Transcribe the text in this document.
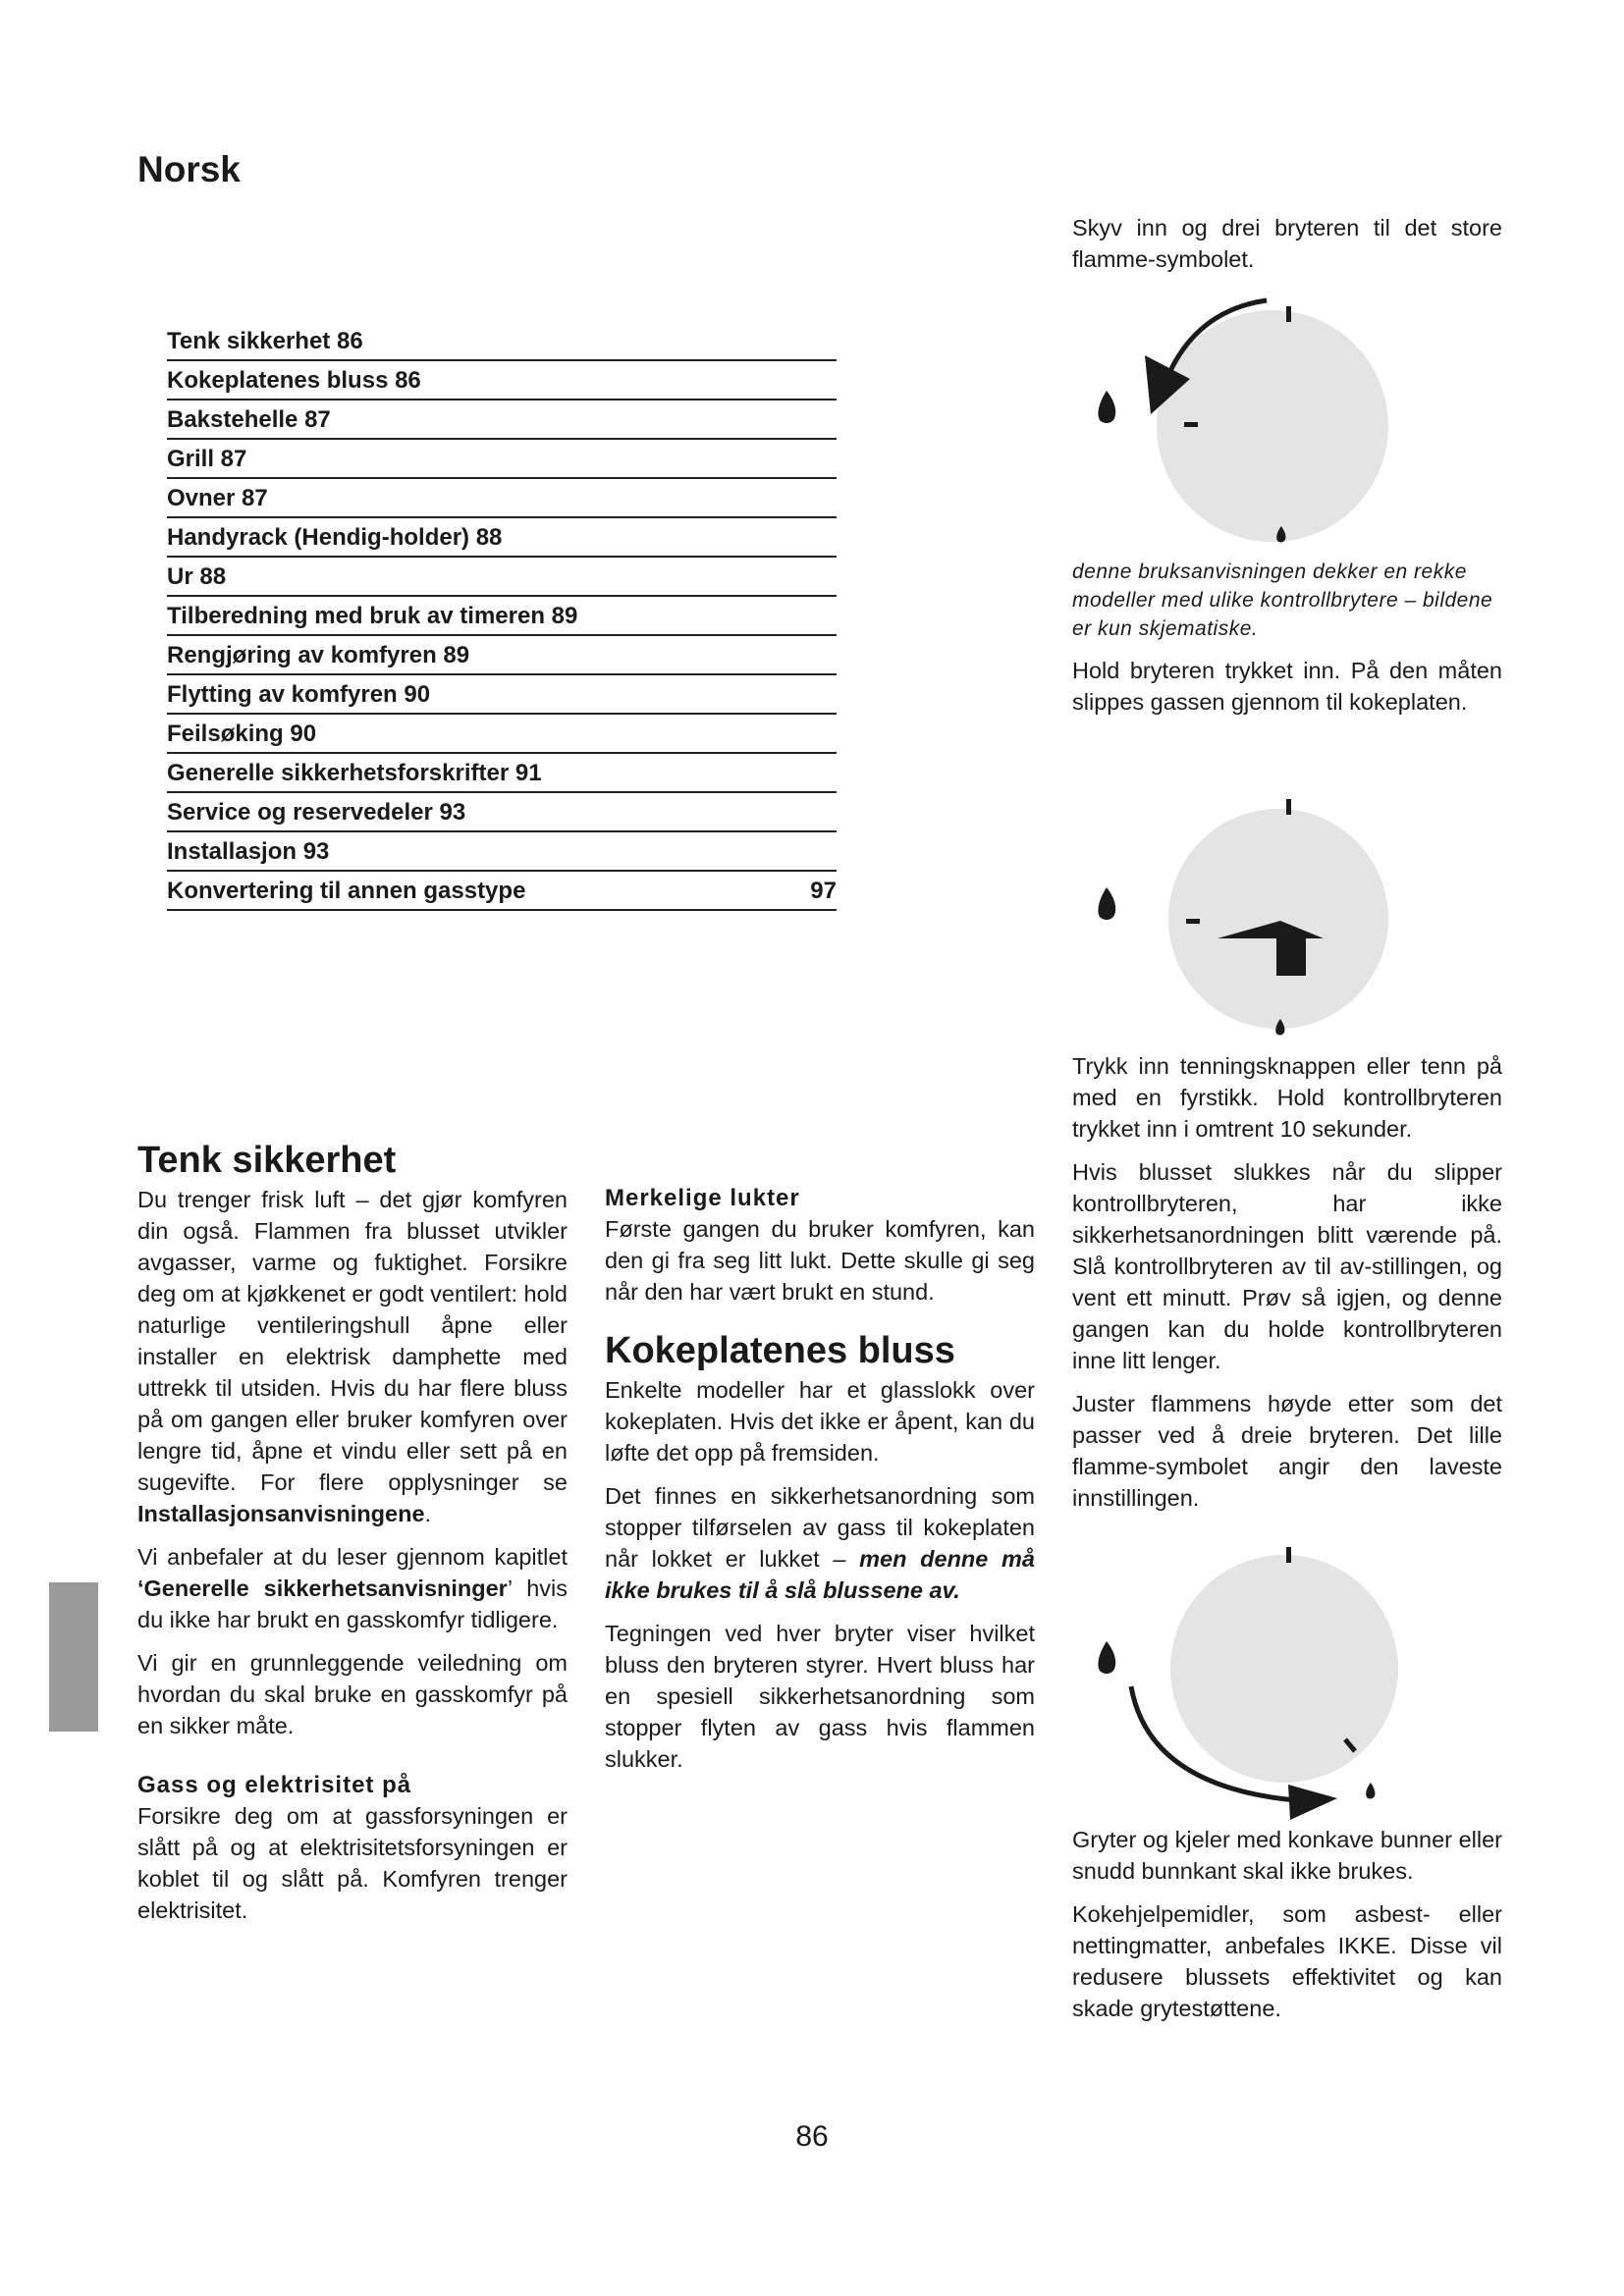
Norsk
Tenk sikkerhet 86
Kokeplatenes bluss 86
Bakstehelle 87
Grill 87
Ovner 87
Handyrack (Hendig-holder) 88
Ur 88
Tilberedning med bruk av timeren 89
Rengjøring av komfyren 89
Flytting av komfyren 90
Feilsøking 90
Generelle sikkerhetsforskrifter 91
Service og reservedeler 93
Installasjon 93
Konvertering til annen gasstype	97
Tenk sikkerhet

Du trenger frisk luft – det gjør komfyren din også. Flammen fra blusset utvikler avgasser, varme og fuktighet. Forsikre deg om at kjøkkenet er godt ventilert: hold naturlige ventileringshull åpne eller installer en elektrisk damphette med uttrekk til utsiden. Hvis du har flere bluss på om gangen eller bruker komfyren over lengre tid, åpne et vindu eller sett på en sugevifte. For flere opplysninger se Installasjonsanvisningene.

Vi anbefaler at du leser gjennom kapitlet ‘Generelle sikkerhetsanvisninger’ hvis du ikke har brukt en gasskomfyr tidligere.

Vi gir en grunnleggende veiledning om hvordan du skal bruke en gasskomfyr på en sikker måte.

Gass og elektrisitet på

Forsikre deg om at gassforsyningen er slått på og at elektrisitetsforsyningen er koblet til og slått på. Komfyren trenger elektrisitet.

Merkelige lukter

Første gangen du bruker komfyren, kan den gi fra seg litt lukt. Dette skulle gi seg når den har vært brukt en stund.

Kokeplatenes bluss

Enkelte modeller har et glasslokk over kokeplaten. Hvis det ikke er åpent, kan du løfte det opp på fremsiden.

Det finnes en sikkerhetsanordning som stopper tilførselen av gass til kokeplaten når lokket er lukket – men denne må ikke brukes til å slå blussene av.

Tegningen ved hver bryter viser hvilket bluss den bryteren styrer. Hvert bluss har en spesiell sikkerhetsanordning som stopper flyten av gass hvis flammen slukker.

Skyv inn og drei bryteren til det store flamme-symbolet.

denne bruksanvisningen dekker en rekke modeller med ulike kontrollbrytere – bildene er kun skjematiske.

Hold bryteren trykket inn. På den måten slippes gassen gjennom til kokeplaten.

Trykk inn tenningsknappen eller tenn på med en fyrstikk. Hold kontrollbryteren trykket inn i omtrent 10 sekunder.

Hvis blusset slukkes når du slipper kontrollbryteren, har ikke sikkerhetsanordningen blitt værende på. Slå kontrollbryteren av til av-stillingen, og vent ett minutt. Prøv så igjen, og denne gangen kan du holde kontrollbryteren inne litt lenger.

Juster flammens høyde etter som det passer ved å dreie bryteren. Det lille flamme-symbolet angir den laveste innstillingen.

Gryter og kjeler med konkave bunner eller snudd bunnkant skal ikke brukes.

Kokehjelpemidler, som asbest- eller nettingmatter, anbefales IKKE. Disse vil redusere blussets effektivitet og kan skade grytestøttene.

86
